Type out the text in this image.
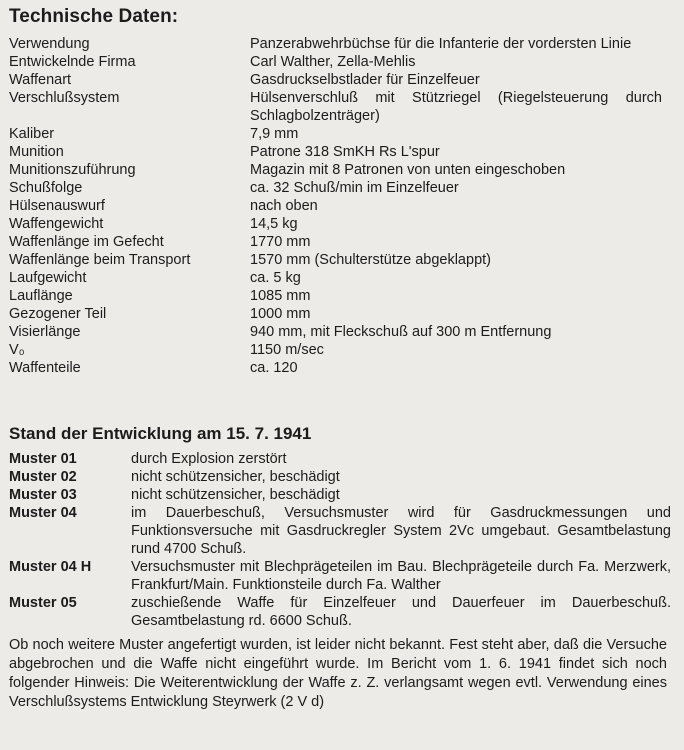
Technische Daten:
Verwendung	Panzerabwehrbüchse für die Infanterie der vordersten Linie
Entwickelnde Firma	Carl Walther, Zella-Mehlis
Waffenart	Gasdruckselbstlader für Einzelfeuer
Verschlußsystem	Hülsenverschluß mit Stützriegel (Riegelsteuerung durch Schlagbolzenträger)
Kaliber	7,9 mm
Munition	Patrone 318 SmKH Rs L'spur
Munitionszuführung	Magazin mit 8 Patronen von unten eingeschoben
Schußfolge	ca. 32 Schuß/min im Einzelfeuer
Hülsenauswurf	nach oben
Waffengewicht	14,5 kg
Waffenlänge im Gefecht	1770 mm
Waffenlänge beim Transport	1570 mm (Schulterstütze abgeklappt)
Laufgewicht	ca. 5 kg
Lauflänge	1085 mm
Gezogener Teil	1000 mm
Visierlänge	940 mm, mit Fleckschuß auf 300 m Entfernung
V₀	1150 m/sec
Waffenteile	ca. 120
Stand der Entwicklung am 15. 7. 1941
Muster 01	durch Explosion zerstört
Muster 02	nicht schützensicher, beschädigt
Muster 03	nicht schützensicher, beschädigt
Muster 04	im Dauerbeschuß, Versuchsmuster wird für Gasdruckmessungen und Funktionsversuche mit Gasdruckregler System 2Vc umgebaut. Gesamtbelastung rund 4700 Schuß.
Muster 04 H	Versuchsmuster mit Blechprägeteilen im Bau. Blechprägeteile durch Fa. Merzwerk, Frankfurt/Main. Funktionsteile durch Fa. Walther
Muster 05	zuschießende Waffe für Einzelfeuer und Dauerfeuer im Dauerbeschuß. Gesamtbelastung rd. 6600 Schuß.

Ob noch weitere Muster angefertigt wurden, ist leider nicht bekannt. Fest steht aber, daß die Versuche abgebrochen und die Waffe nicht eingeführt wurde. Im Bericht vom 1. 6. 1941 findet sich noch folgender Hinweis: Die Weiterentwicklung der Waffe z. Z. verlangsamt wegen evtl. Verwendung eines Verschlußsystems Entwicklung Steyrwerk (2 V d)
